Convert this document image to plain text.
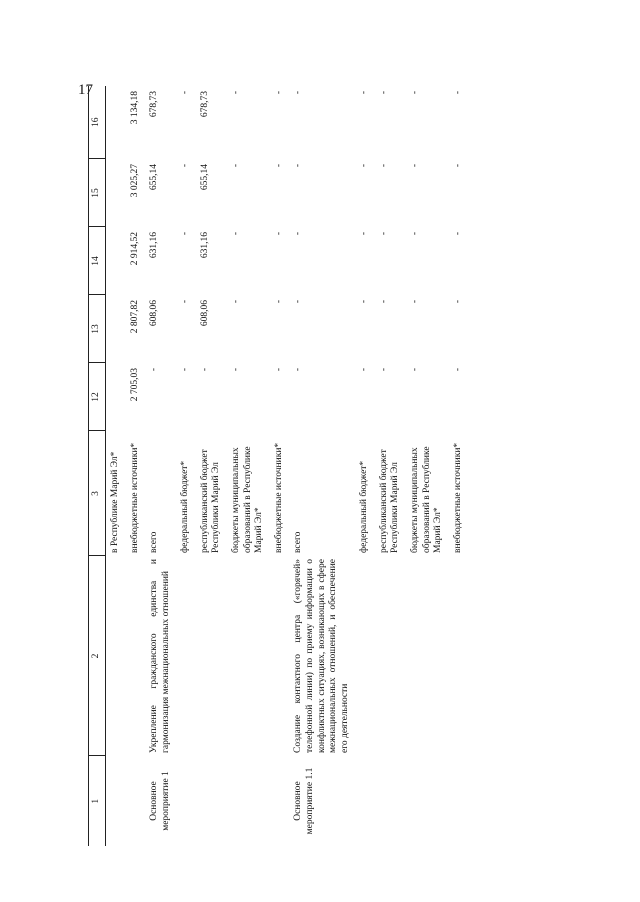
17
1	2	3	12	13	14	15	16
		в Республике Марий Эл*					
		внебюджетные источники*	2 705,03	2 807,82	2 914,52	3 025,27	3 134,18
Основное мероприятие 1	Укрепление гражданского единства и гармонизация межнациональных отношений	всего	-	608,06	631,16	655,14	678,73
		федеральный бюджет*	-	-	-	-	-
		республиканский бюджет Республики Марий Эл	-	608,06	631,16	655,14	678,73
		бюджеты муниципальных образований в Республике Марий Эл*	-	-	-	-	-
		внебюджетные источники*	-	-	-	-	-
Основное мероприятие 1.1	Создание контактного центра («горячей» телефонной линии) по приему информации о конфликтных ситуациях, возникающих в сфере межнациональных отношений, и обеспечение его деятельности	всего	-	-	-	-	-
		федеральный бюджет*	-	-	-	-	-
		республиканский бюджет Республики Марий Эл	-	-	-	-	-
		бюджеты муниципальных образований в Республике Марий Эл*	-	-	-	-	-
		внебюджетные источники*	-	-	-	-	-
